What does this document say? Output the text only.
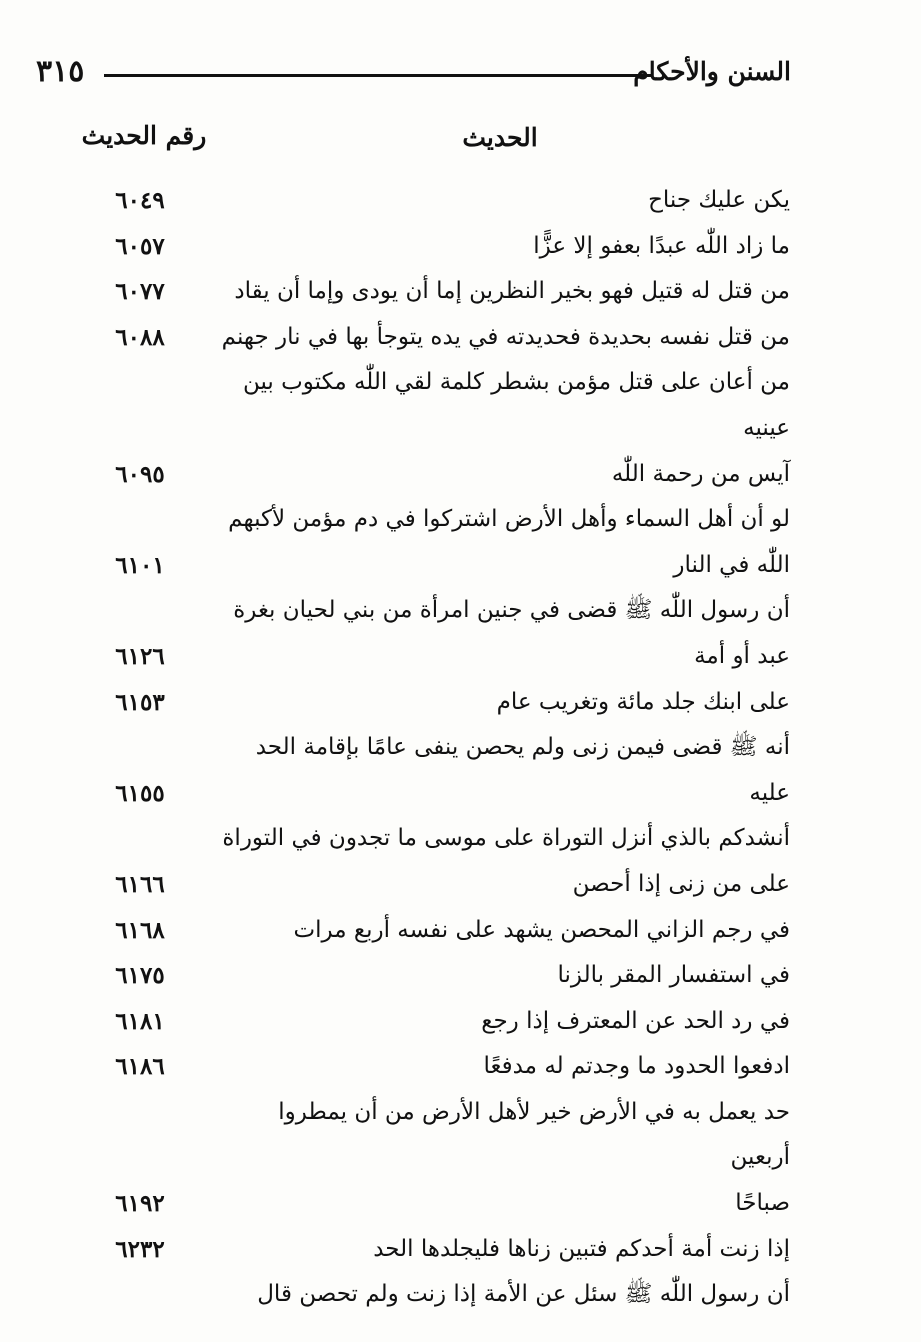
٣١٥	السنن والأحكام
الحديث
رقم الحديث
يكن عليك جناح
٦٠٤٩
ما زاد اللّٰه عبدًا بعفو إلا عزًّا
٦٠٥٧
من قتل له قتيل فهو بخير النظرين إما أن يودى وإما أن يقاد
٦٠٧٧
من قتل نفسه بحديدة فحديدته في يده يتوجأ بها في نار جهنم
٦٠٨٨
من أعان على قتل مؤمن بشطر كلمة لقي اللّٰه مكتوب بين عينيه
آيس من رحمة اللّٰه
٦٠٩٥
لو أن أهل السماء وأهل الأرض اشتركوا في دم مؤمن لأكبهم
اللّٰه في النار
٦١٠١
أن رسول اللّٰه ﷺ قضى في جنين امرأة من بني لحيان بغرة
عبد أو أمة
٦١٢٦
على ابنك جلد مائة وتغريب عام
٦١٥٣
أنه ﷺ قضى فيمن زنى ولم يحصن ينفى عامًا بإقامة الحد
عليه
٦١٥٥
أنشدكم بالذي أنزل التوراة على موسى ما تجدون في التوراة
على من زنى إذا أحصن
٦١٦٦
في رجم الزاني المحصن يشهد على نفسه أربع مرات
٦١٦٨
في استفسار المقر بالزنا
٦١٧٥
في رد الحد عن المعترف إذا رجع
٦١٨١
ادفعوا الحدود ما وجدتم له مدفعًا
٦١٨٦
حد يعمل به في الأرض خير لأهل الأرض من أن يمطروا أربعين
صباحًا
٦١٩٢
إذا زنت أمة أحدكم فتبين زناها فليجلدها الحد
٦٢٣٢
أن رسول اللّٰه ﷺ سئل عن الأمة إذا زنت ولم تحصن قال
